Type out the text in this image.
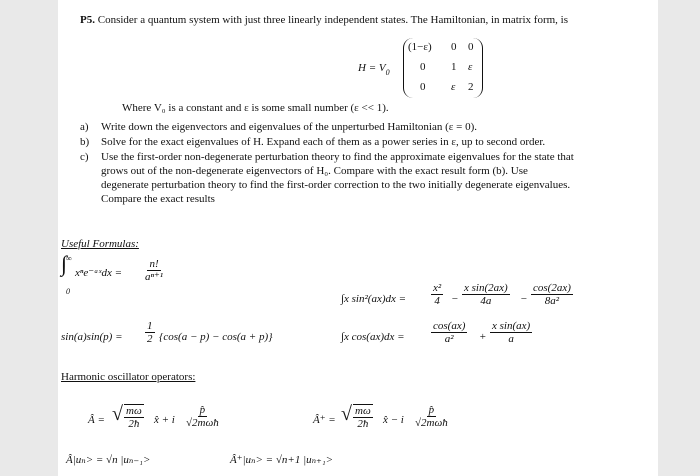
P5. Consider a quantum system with just three linearly independent states. The Hamiltonian, in matrix form, is
$H = V_0$
(1−ε) 0 0
0 1 ε
0 ε 2
Where V₀ is a constant and ε is some small number (ε << 1).
a) Write down the eigenvectors and eigenvalues of the unperturbed Hamiltonian (ε = 0).
b) Solve for the exact eigenvalues of H. Expand each of them as a power series in ε, up to second order.
c) Use the first-order non-degenerate perturbation theory to find the approximate eigenvalues for the state that
grows out of the non-degenerate eigenvectors of H₀. Compare with the exact result form (b). Use
degenerate perturbation theory to find the first-order correction to the two initially degenerate eigenvalues.
Compare the exact results
Useful Formulas:
∫
∞
0
xⁿe⁻ᵃˣdx = $\frac{n!}{\text{aⁿ⁺¹}}$
∫x $\sin^2(ax)dx = \frac{\text{x²}}{4} - \frac{\text{x sin(2ax)}}{4a} - \frac{\cos(2ax)}{\text{8a²}}$
$\sin(a)\sin(p) = \frac{1}{2} \{\cos(a - p) - \cos(a + p)\}$	∫x $\cos(ax)dx = \frac{\cos(ax)}{\text{a²}} + \frac{\text{x sin(ax)}}{a}$
Harmonic oscillator operators:
Â = √ $\frac{m\omega}{2ħ}$ x̂ + i
p̂
√2mωħ	Â⁺ = √ $\frac{m\omega}{2ħ}$ x̂ − i
p̂
√2mωħ
Â|uₙ> = √n |uₙ₋₁>	Â⁺|uₙ> = √n+1 |uₙ₊₁>
